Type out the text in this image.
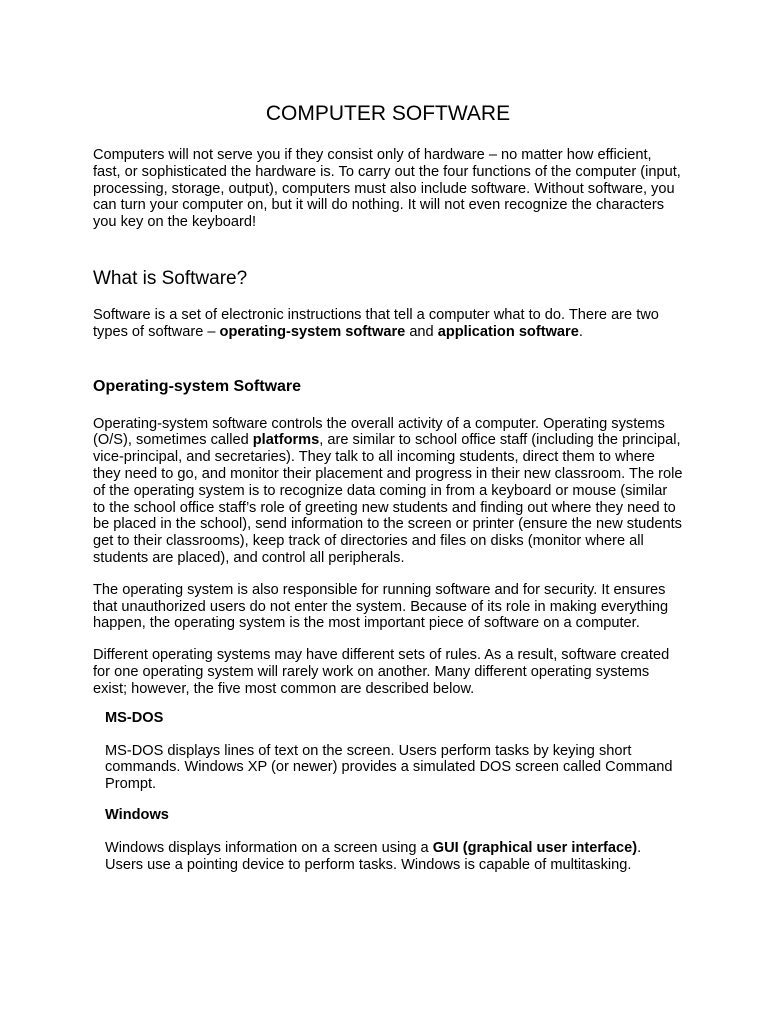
COMPUTER SOFTWARE

Computers will not serve you if they consist only of hardware – no matter how efficient, fast, or sophisticated the hardware is. To carry out the four functions of the computer (input, processing, storage, output), computers must also include software. Without software, you can turn your computer on, but it will do nothing. It will not even recognize the characters you key on the keyboard!

What is Software?

Software is a set of electronic instructions that tell a computer what to do. There are two types of software – operating-system software and application software.

Operating-system Software

Operating-system software controls the overall activity of a computer. Operating systems (O/S), sometimes called platforms, are similar to school office staff (including the principal, vice-principal, and secretaries). They talk to all incoming students, direct them to where they need to go, and monitor their placement and progress in their new classroom. The role of the operating system is to recognize data coming in from a keyboard or mouse (similar to the school office staff’s role of greeting new students and finding out where they need to be placed in the school), send information to the screen or printer (ensure the new students get to their classrooms), keep track of directories and files on disks (monitor where all students are placed), and control all peripherals.

The operating system is also responsible for running software and for security. It ensures that unauthorized users do not enter the system. Because of its role in making everything happen, the operating system is the most important piece of software on a computer.

Different operating systems may have different sets of rules. As a result, software created for one operating system will rarely work on another. Many different operating systems exist; however, the five most common are described below.

MS-DOS

MS-DOS displays lines of text on the screen. Users perform tasks by keying short commands. Windows XP (or newer) provides a simulated DOS screen called Command Prompt.

Windows

Windows displays information on a screen using a GUI (graphical user interface). Users use a pointing device to perform tasks. Windows is capable of multitasking.
